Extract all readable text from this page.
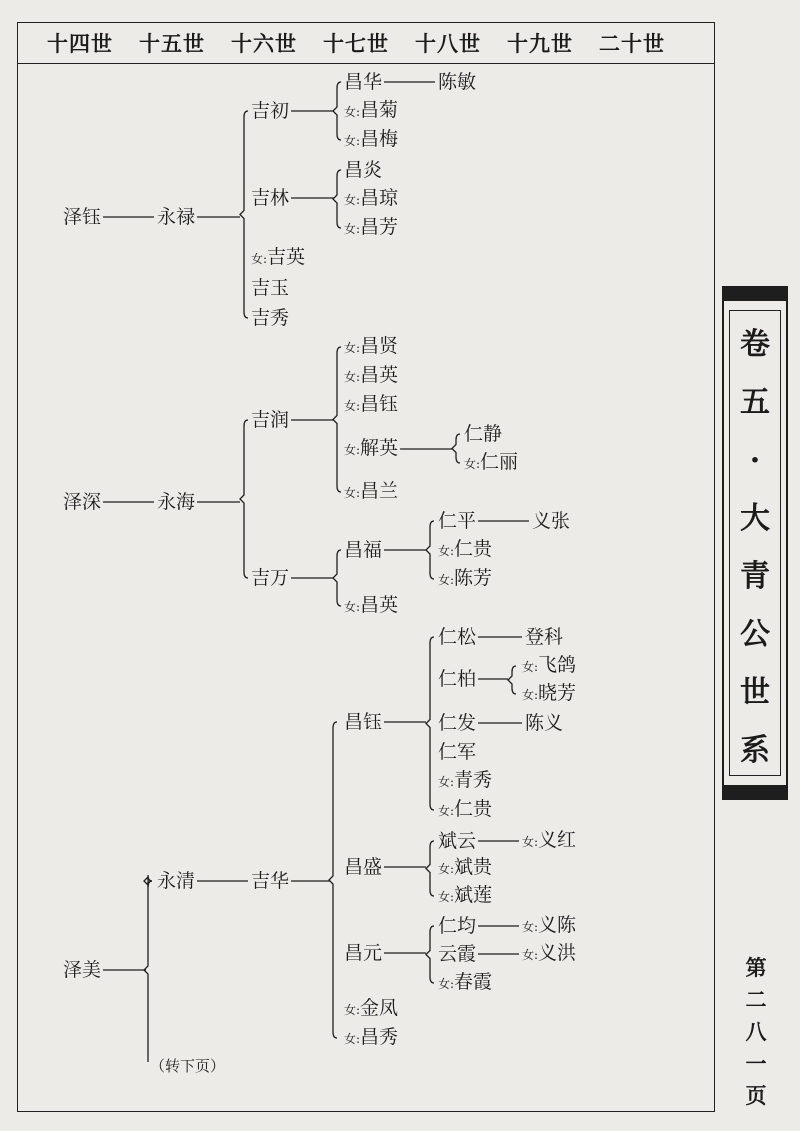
十四世 十五世 十六世 十七世 十八世 十九世 二十世
泽钰	永禄
吉初
昌华	陈敏
女:昌菊
女:昌梅
吉林
昌炎
女:昌琼
女:昌芳
女:吉英
吉玉
吉秀
泽深	永海
吉润
女:昌贤
女:昌英
女:昌钰
女:解英
仁静
女:仁丽
女:昌兰
吉万
昌福
仁平	义张
女:仁贵
女:陈芳
女:昌英
泽美
永清	吉华
昌钰
仁松	登科
仁柏
女:飞鸽
女:晓芳
仁发	陈义
仁军
女:青秀
女:仁贵
昌盛
斌云	女:义红
女:斌贵
女:斌莲
昌元
仁均	女:义陈
云霞	女:义洪
女:春霞
女:金凤
女:昌秀
卷
五
·
大
青
公
世
系
第
二
八
一
页
（转下页）
